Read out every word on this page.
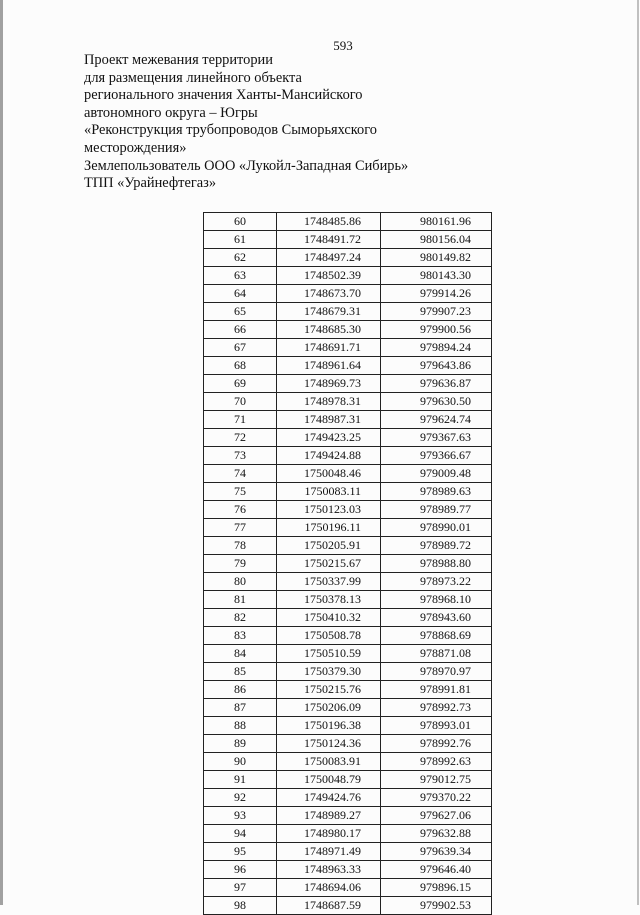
593
Проект межевания территории
для размещения линейного объекта
регионального значения Ханты-Мансийского
автономного округа – Югры
«Реконструкция трубопроводов Сыморьяхского
месторождения»
Землепользователь ООО «Лукойл-Западная Сибирь»
ТПП «Урайнефтегаз»
60	1748485.86	980161.96
61	1748491.72	980156.04
62	1748497.24	980149.82
63	1748502.39	980143.30
64	1748673.70	979914.26
65	1748679.31	979907.23
66	1748685.30	979900.56
67	1748691.71	979894.24
68	1748961.64	979643.86
69	1748969.73	979636.87
70	1748978.31	979630.50
71	1748987.31	979624.74
72	1749423.25	979367.63
73	1749424.88	979366.67
74	1750048.46	979009.48
75	1750083.11	978989.63
76	1750123.03	978989.77
77	1750196.11	978990.01
78	1750205.91	978989.72
79	1750215.67	978988.80
80	1750337.99	978973.22
81	1750378.13	978968.10
82	1750410.32	978943.60
83	1750508.78	978868.69
84	1750510.59	978871.08
85	1750379.30	978970.97
86	1750215.76	978991.81
87	1750206.09	978992.73
88	1750196.38	978993.01
89	1750124.36	978992.76
90	1750083.91	978992.63
91	1750048.79	979012.75
92	1749424.76	979370.22
93	1748989.27	979627.06
94	1748980.17	979632.88
95	1748971.49	979639.34
96	1748963.33	979646.40
97	1748694.06	979896.15
98	1748687.59	979902.53
